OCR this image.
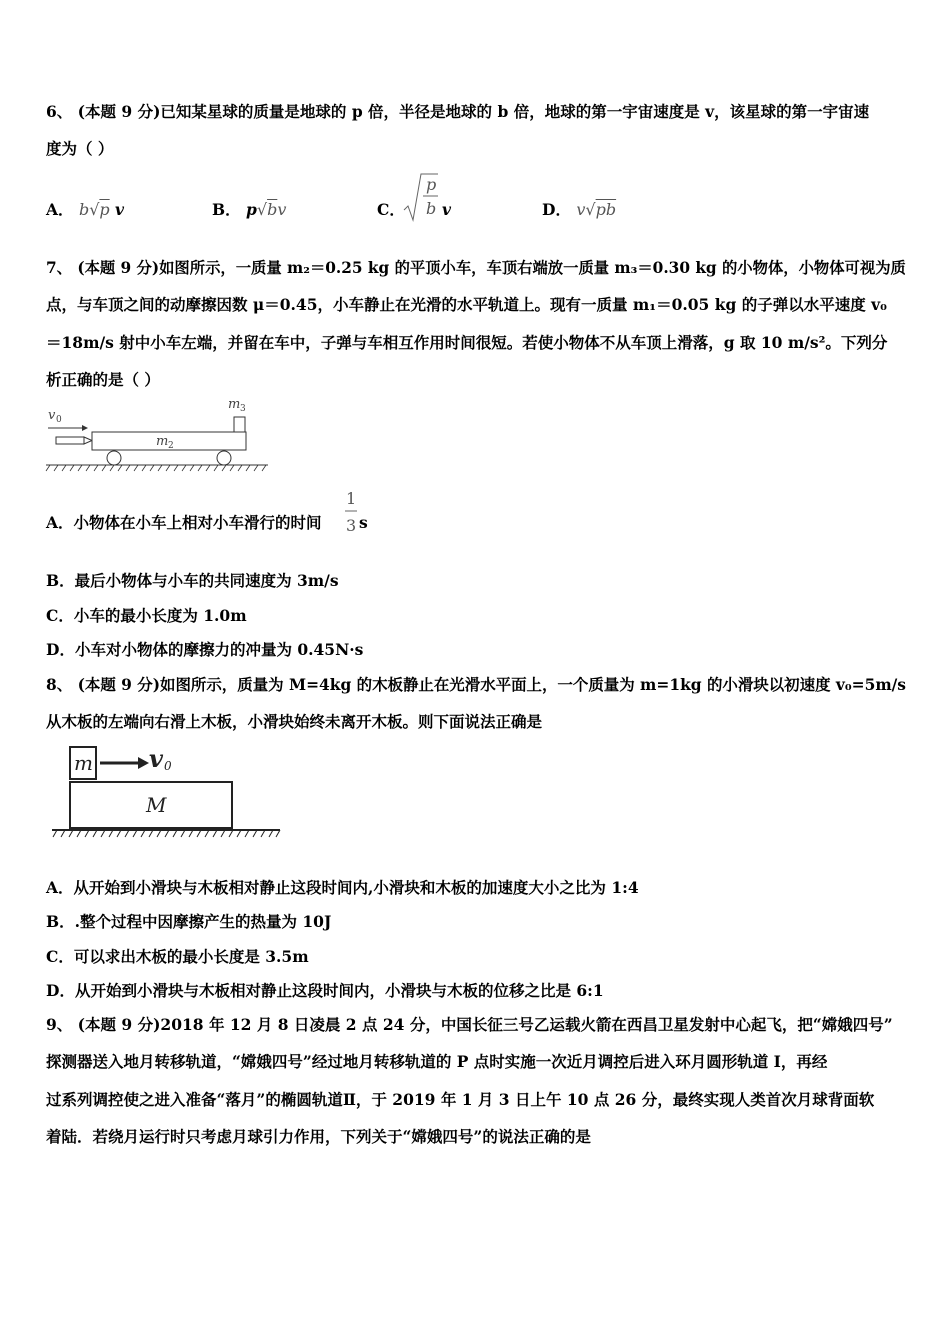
6、 (本题 9 分)已知某星球的质量是地球的 p 倍，半径是地球的 b 倍，地球的第一宇宙速度是 v，该星球的第一宇宙速
度为（ ）
A． b√p v	B． p√bv	C．
p
b v	D． v√pb
7、 (本题 9 分)如图所示，一质量 m₂＝0.25 kg 的平顶小车，车顶右端放一质量 m₃＝0.30 kg 的小物体，小物体可视为质
点，与车顶之间的动摩擦因数 μ＝0.45，小车静止在光滑的水平轨道上。现有一质量 m₁＝0.05 kg 的子弹以水平速度 v₀
＝18m/s 射中小车左端，并留在车中，子弹与车相互作用时间很短。若使小物体不从车顶上滑落，g 取 10 m/s²。下列分
析正确的是（ ）
v 0
m 2
m 3
A．小物体在小车上相对小车滑行的时间
1
3 s
B．最后小物体与小车的共同速度为 3m/s
C．小车的最小长度为 1.0m
D．小车对小物体的摩擦力的冲量为 0.45N·s
8、 (本题 9 分)如图所示，质量为 M=4kg 的木板静止在光滑水平面上，一个质量为 m=1kg 的小滑块以初速度 v₀=5m/s
从木板的左端向右滑上木板，小滑块始终未离开木板。则下面说法正确是
m v 0
M
A．从开始到小滑块与木板相对静止这段时间内,小滑块和木板的加速度大小之比为 1:4
B．.整个过程中因摩擦产生的热量为 10J
C．可以求出木板的最小长度是 3.5m
D．从开始到小滑块与木板相对静止这段时间内，小滑块与木板的位移之比是 6:1
9、 (本题 9 分)2018 年 12 月 8 日凌晨 2 点 24 分，中国长征三号乙运载火箭在西昌卫星发射中心起飞，把“嫦娥四号”
探测器送入地月转移轨道，“嫦娥四号”经过地月转移轨道的 P 点时实施一次近月调控后进入环月圆形轨道 I，再经
过系列调控使之进入准备“落月”的椭圆轨道Ⅱ，于 2019 年 1 月 3 日上午 10 点 26 分，最终实现人类首次月球背面软
着陆．若绕月运行时只考虑月球引力作用，下列关于“嫦娥四号”的说法正确的是
